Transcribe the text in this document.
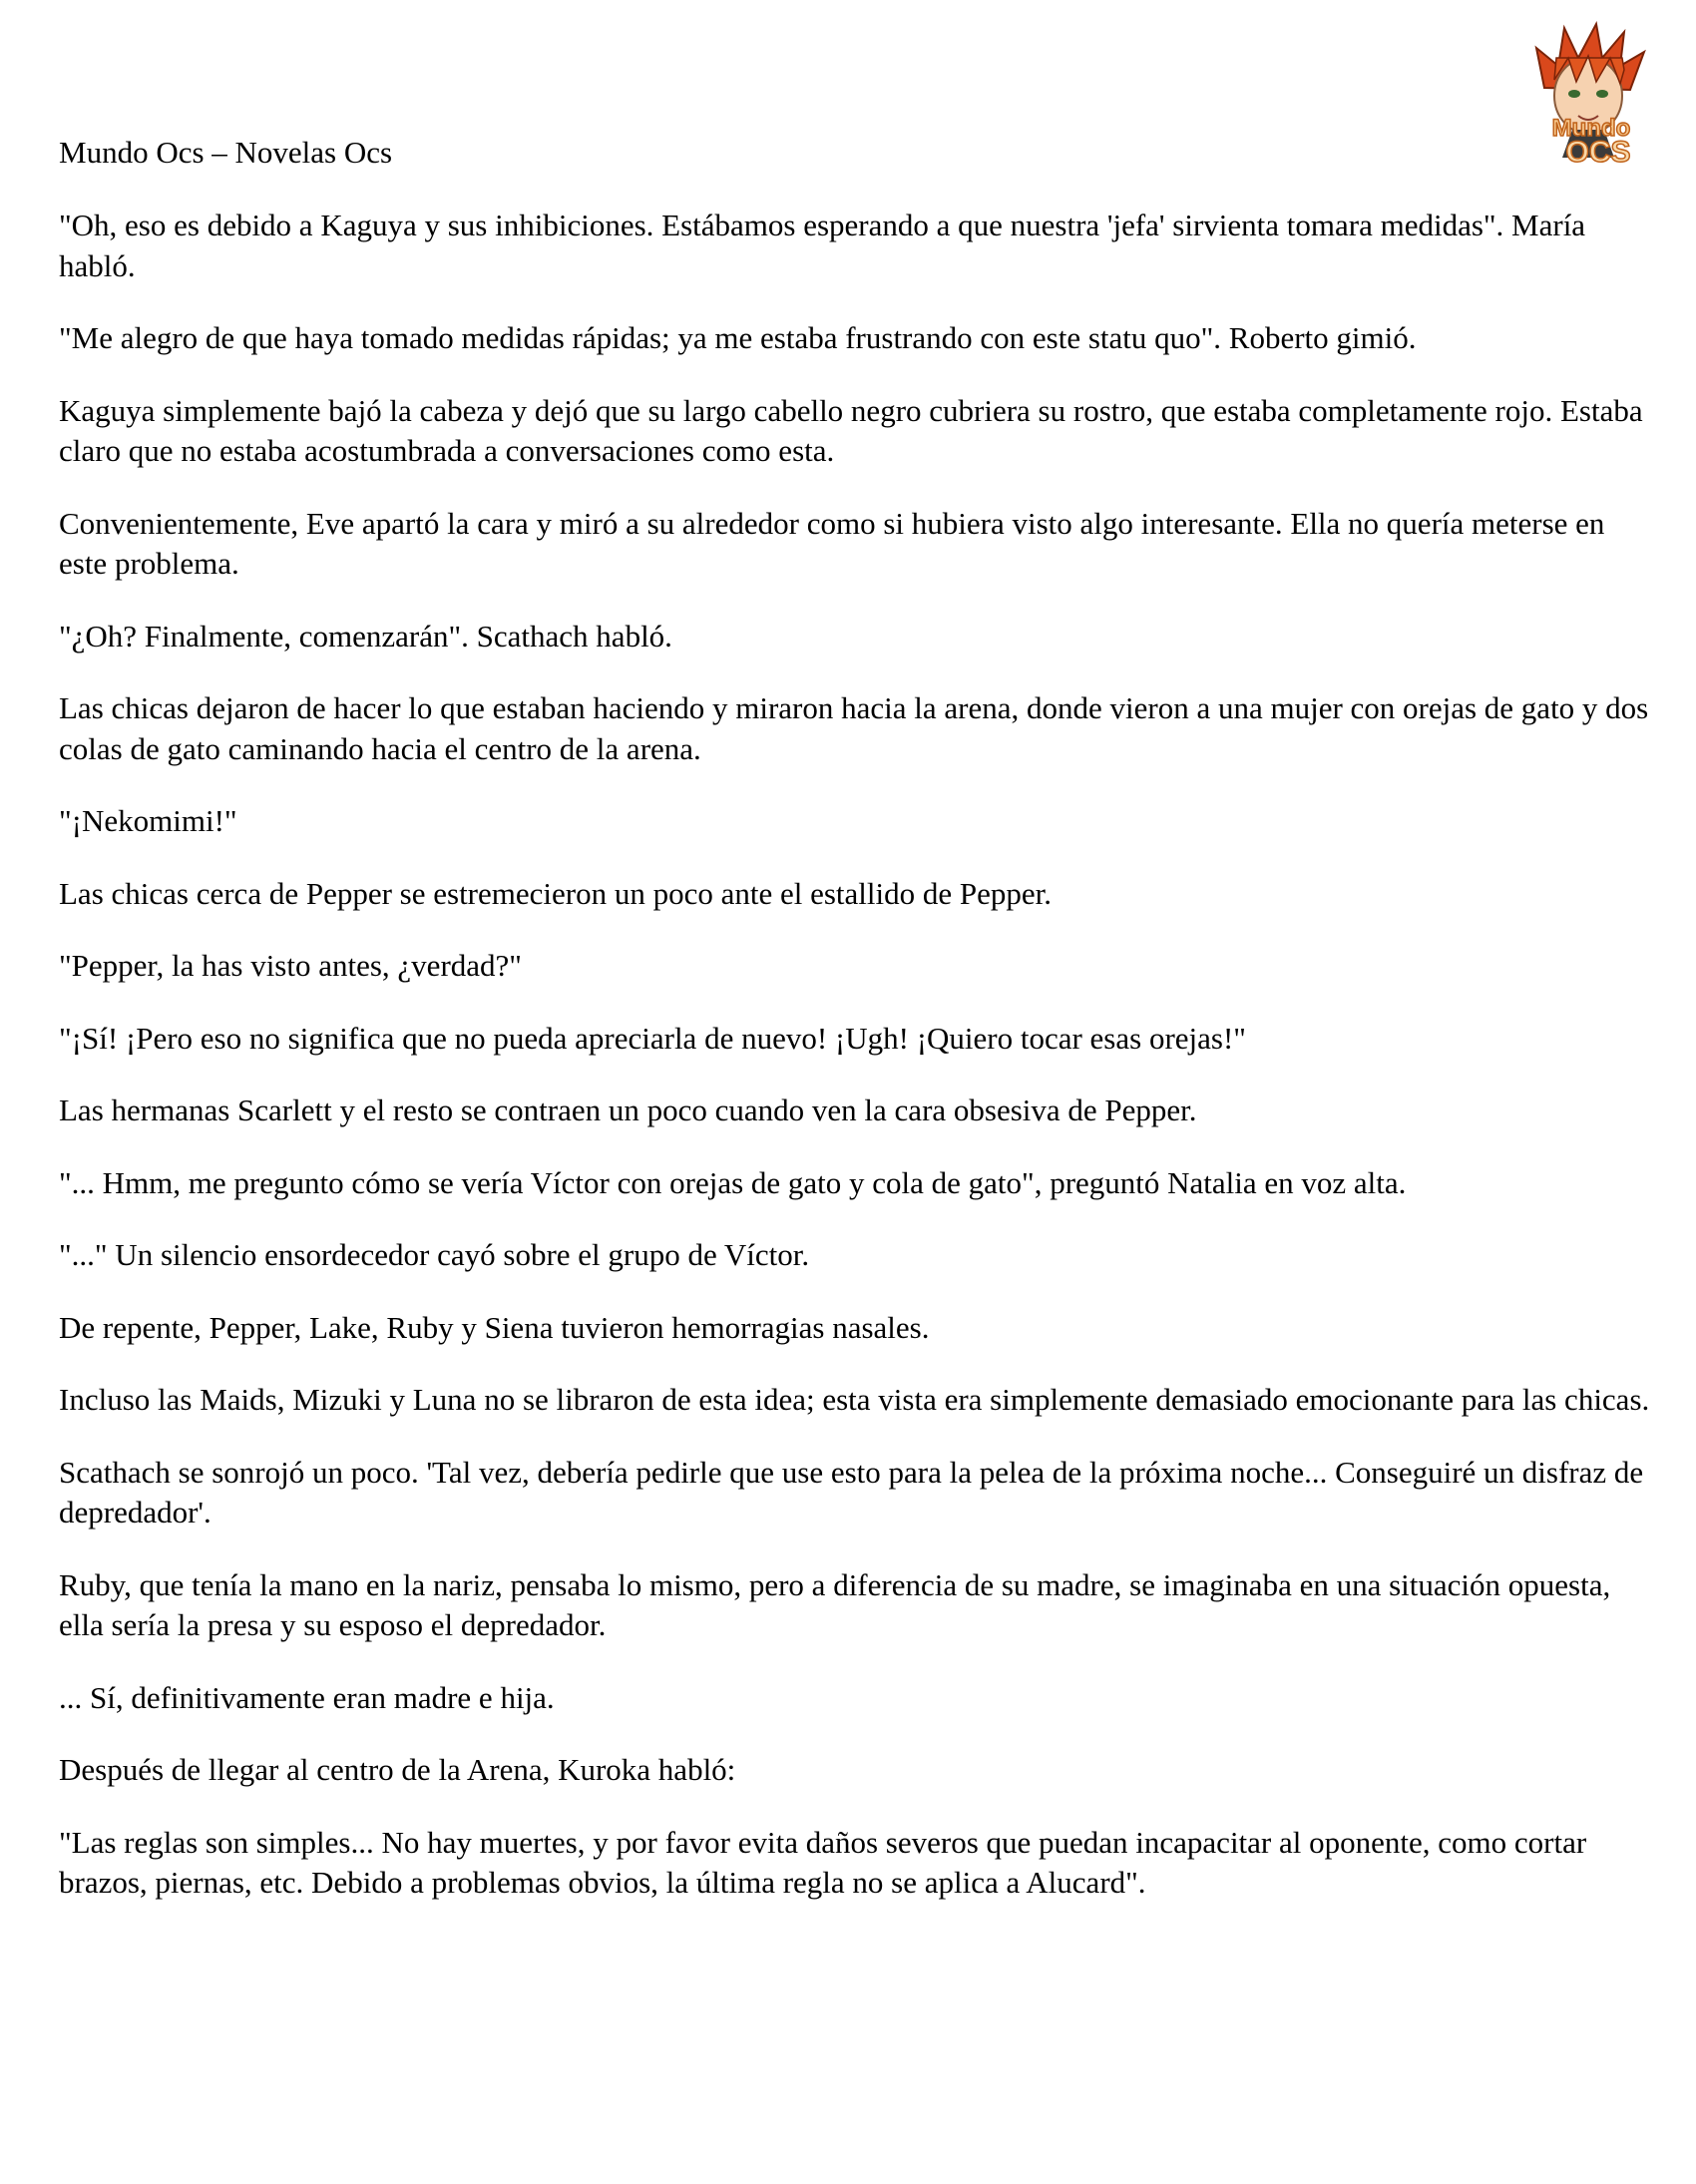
Mundo
OCS
Mundo Ocs – Novelas Ocs

"Oh, eso es debido a Kaguya y sus inhibiciones. Estábamos esperando a que nuestra 'jefa' sirvienta tomara medidas". María habló.

"Me alegro de que haya tomado medidas rápidas; ya me estaba frustrando con este statu quo". Roberto gimió.

Kaguya simplemente bajó la cabeza y dejó que su largo cabello negro cubriera su rostro, que estaba completamente rojo. Estaba claro que no estaba acostumbrada a conversaciones como esta.

Convenientemente, Eve apartó la cara y miró a su alrededor como si hubiera visto algo interesante. Ella no quería meterse en este problema.

"¿Oh? Finalmente, comenzarán". Scathach habló.

Las chicas dejaron de hacer lo que estaban haciendo y miraron hacia la arena, donde vieron a una mujer con orejas de gato y dos colas de gato caminando hacia el centro de la arena.

"¡Nekomimi!"

Las chicas cerca de Pepper se estremecieron un poco ante el estallido de Pepper.

"Pepper, la has visto antes, ¿verdad?"

"¡Sí! ¡Pero eso no significa que no pueda apreciarla de nuevo! ¡Ugh! ¡Quiero tocar esas orejas!"

Las hermanas Scarlett y el resto se contraen un poco cuando ven la cara obsesiva de Pepper.

"... Hmm, me pregunto cómo se vería Víctor con orejas de gato y cola de gato", preguntó Natalia en voz alta.

"..." Un silencio ensordecedor cayó sobre el grupo de Víctor.

De repente, Pepper, Lake, Ruby y Siena tuvieron hemorragias nasales.

Incluso las Maids, Mizuki y Luna no se libraron de esta idea; esta vista era simplemente demasiado emocionante para las chicas.

Scathach se sonrojó un poco. 'Tal vez, debería pedirle que use esto para la pelea de la próxima noche... Conseguiré un disfraz de depredador'.

Ruby, que tenía la mano en la nariz, pensaba lo mismo, pero a diferencia de su madre, se imaginaba en una situación opuesta, ella sería la presa y su esposo el depredador.

... Sí, definitivamente eran madre e hija.

Después de llegar al centro de la Arena, Kuroka habló:

"Las reglas son simples... No hay muertes, y por favor evita daños severos que puedan incapacitar al oponente, como cortar brazos, piernas, etc. Debido a problemas obvios, la última regla no se aplica a Alucard".
